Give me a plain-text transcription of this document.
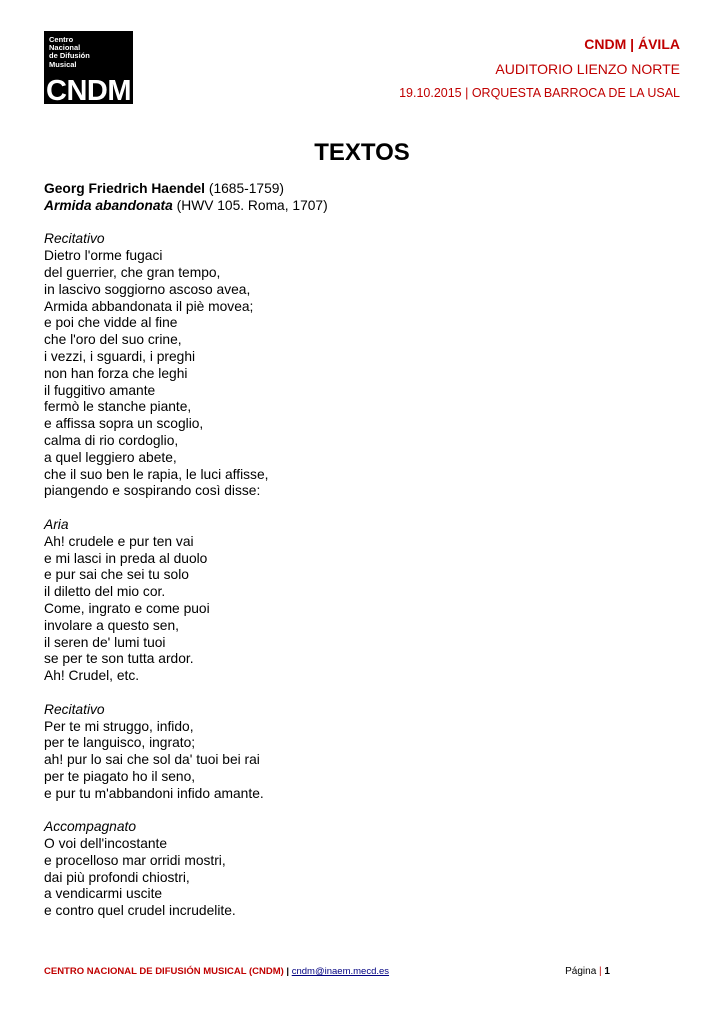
Centro
Nacional
de Difusión
Musical
CNDM
CNDM | ÁVILA
AUDITORIO LIENZO NORTE
19.10.2015 | ORQUESTA BARROCA DE LA USAL
TEXTOS
Georg Friedrich Haendel (1685-1759)
Armida abandonata (HWV 105. Roma, 1707)
Recitativo
Dietro l'orme fugaci
del guerrier, che gran tempo,
in lascivo soggiorno ascoso avea,
Armida abbandonata il piè movea;
e poi che vidde al fine
che l'oro del suo crine,
i vezzi, i sguardi, i preghi
non han forza che leghi
il fuggitivo amante
fermò le stanche piante,
e affissa sopra un scoglio,
calma di rio cordoglio,
a quel leggiero abete,
che il suo ben le rapia, le luci affisse,
piangendo e sospirando così disse:
Aria
Ah! crudele e pur ten vai
e mi lasci in preda al duolo
e pur sai che sei tu solo
il diletto del mio cor.
Come, ingrato e come puoi
involare a questo sen,
il seren de' lumi tuoi
se per te son tutta ardor.
Ah! Crudel, etc.
Recitativo
Per te mi struggo, infido,
per te languisco, ingrato;
ah! pur lo sai che sol da' tuoi bei rai
per te piagato ho il seno,
e pur tu m'abbandoni infido amante.
Accompagnato
O voi dell'incostante
e procelloso mar orridi mostri,
dai più profondi chiostri,
a vendicarmi uscite
e contro quel crudel incrudelite.
CENTRO NACIONAL DE DIFUSIÓN MUSICAL (CNDM) | cndm@inaem.mecd.es	Página | 1
